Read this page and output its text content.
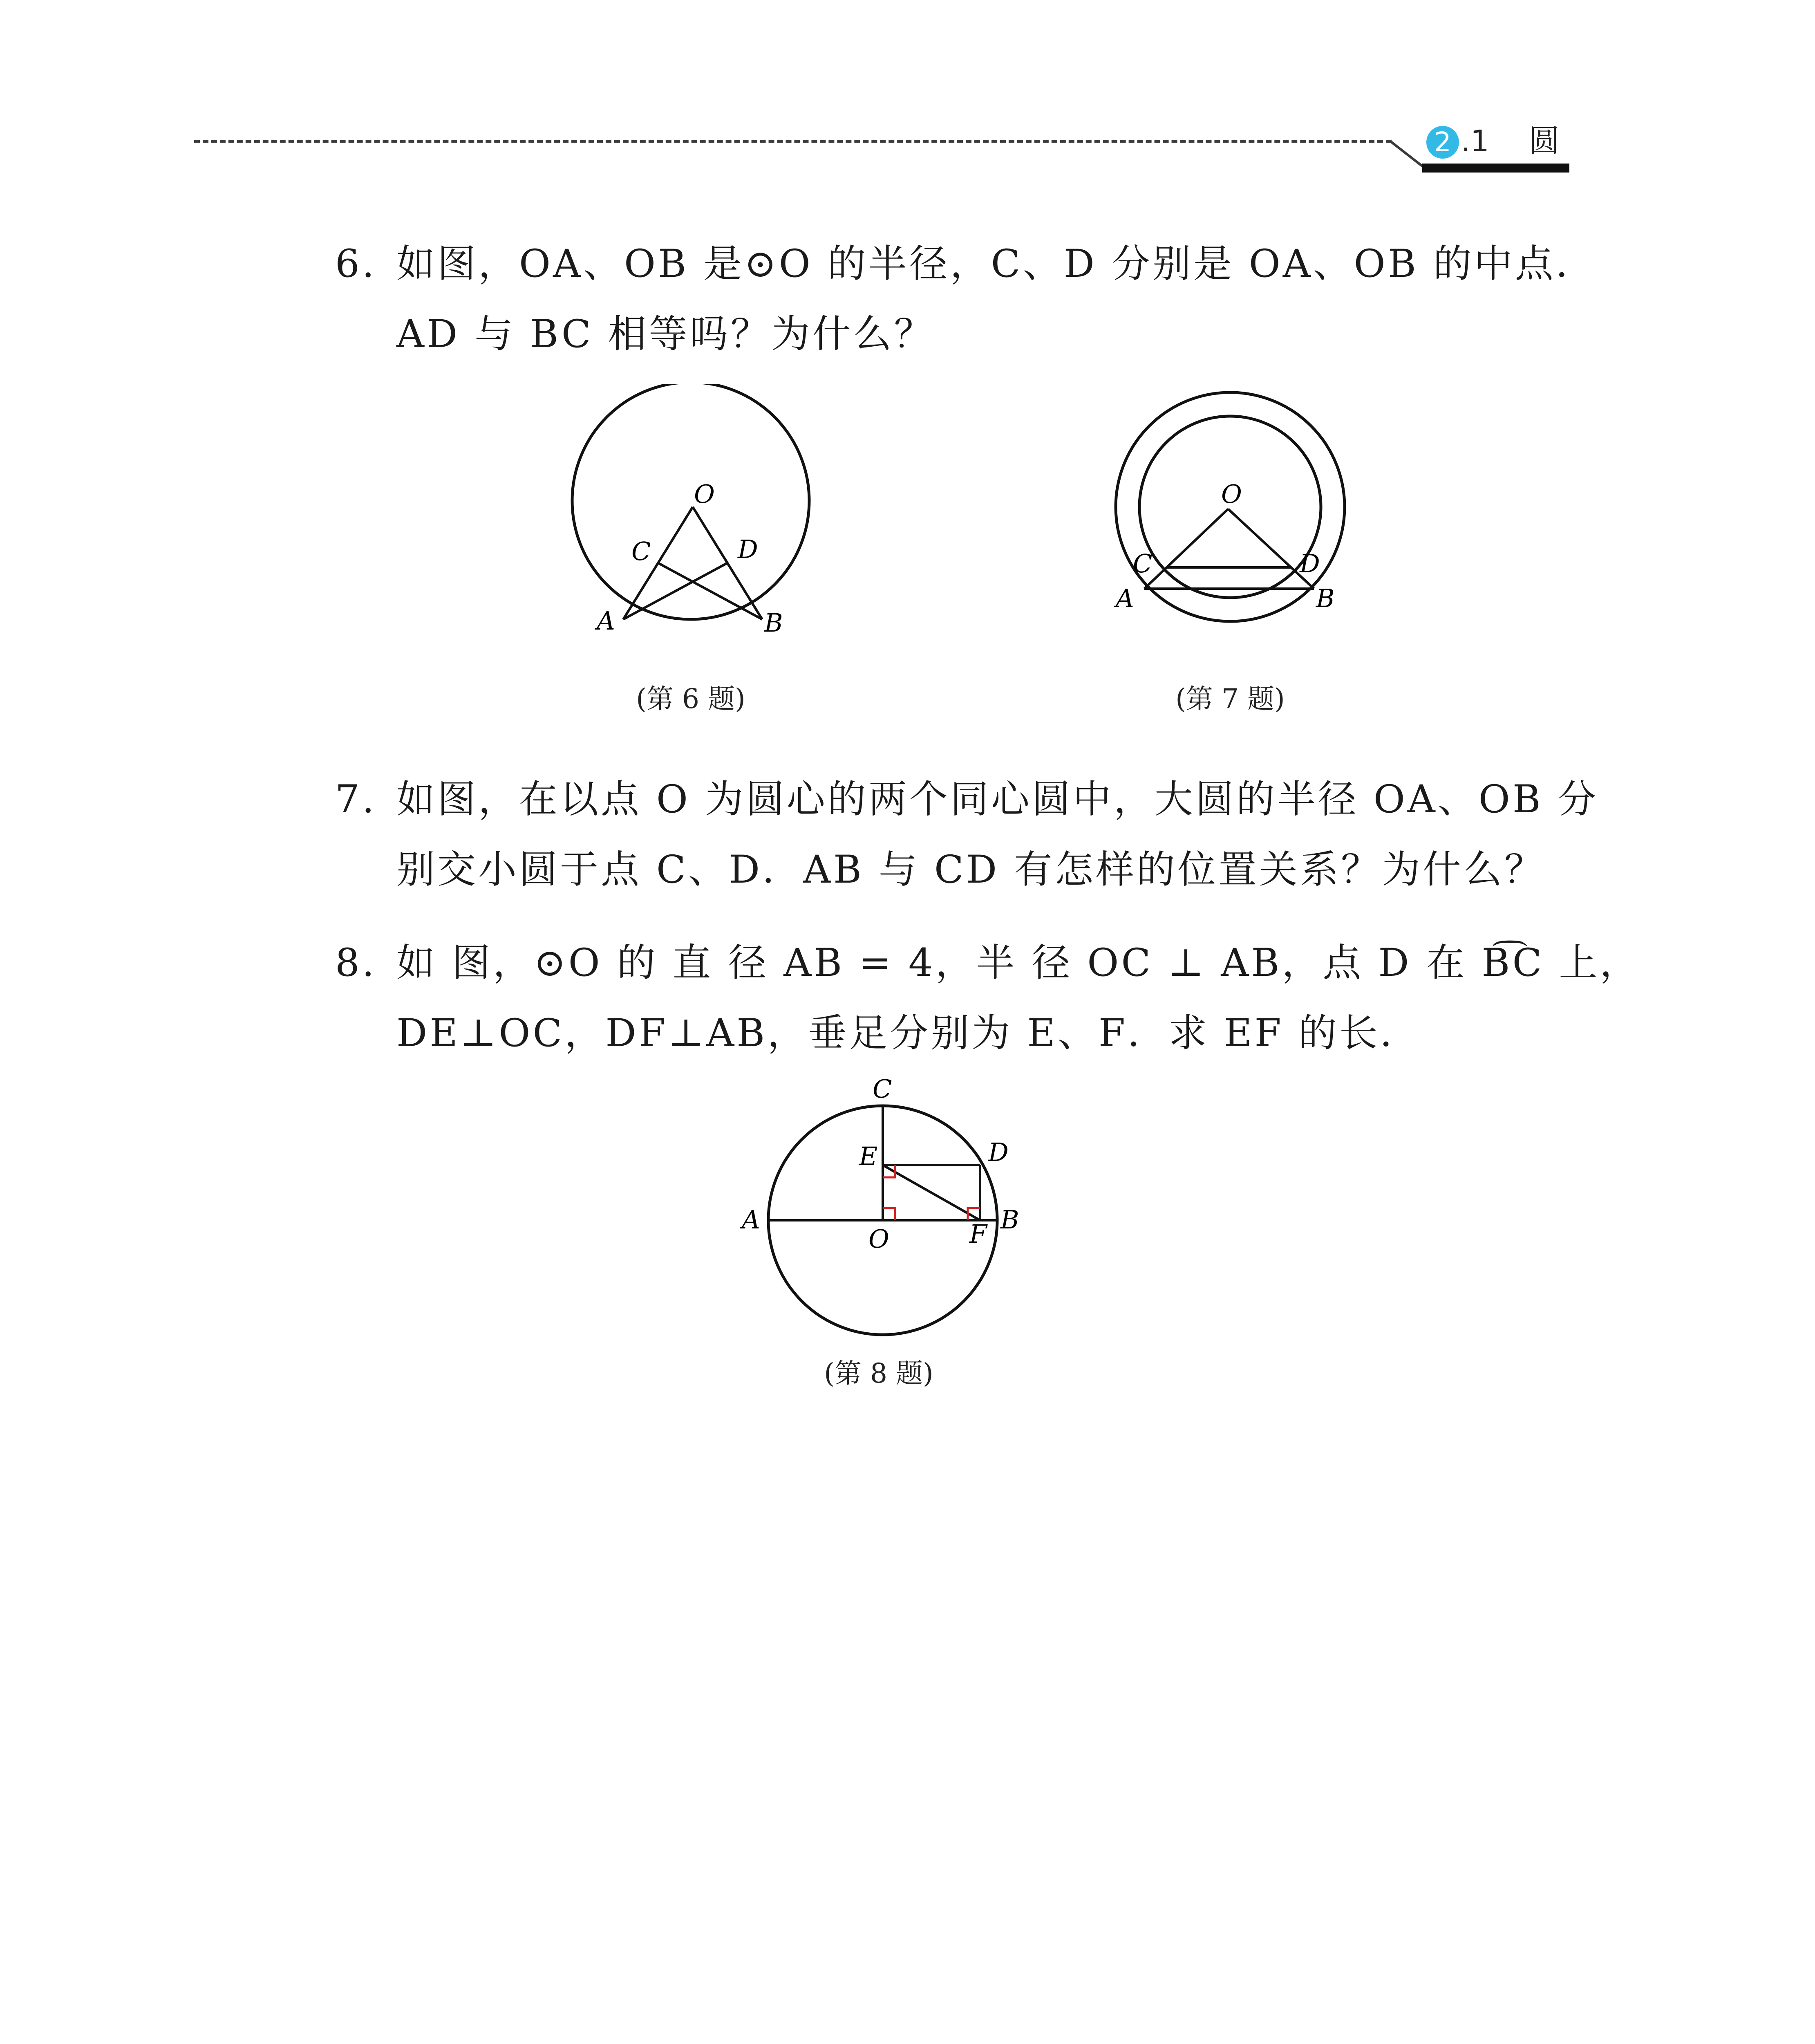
2 .1 圆
6. 如图，OA、OB 是⊙O 的半径，C、D 分别是 OA、OB 的中点．
AD 与 BC 相等吗？为什么？
O
C	D
A	B
(第 6 题)
O
C	D
A	B
(第 7 题)
7. 如图，在以点 O 为圆心的两个同心圆中，大圆的半径 OA、OB 分
别交小圆于点 C、D．AB 与 CD 有怎样的位置关系？为什么？
8. 如 图，⊙O 的 直 径 AB = 4，半 径 OC ⊥ AB，点 D 在 B͡C 上，
DE⊥OC，DF⊥AB，垂足分别为 E、F．求 EF 的长．
C
D
E
A	B
O	F
(第 8 题)
